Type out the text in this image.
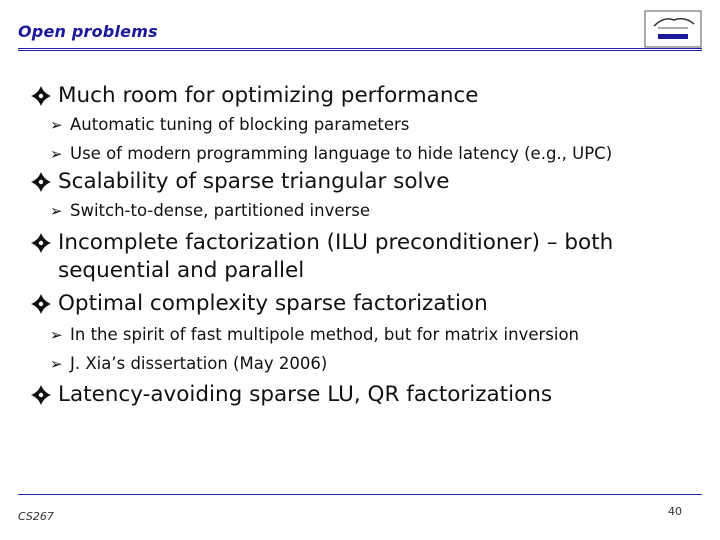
Open problems
Much room for optimizing performance
➢ Automatic tuning of blocking parameters
➢ Use of modern programming language to hide latency (e.g., UPC)
Scalability of sparse triangular solve
➢ Switch-to-dense, partitioned inverse
Incomplete factorization (ILU preconditioner) – both
sequential and parallel
Optimal complexity sparse factorization
➢ In the spirit of fast multipole method, but for matrix inversion
➢ J. Xia’s dissertation (May 2006)
Latency-avoiding sparse LU, QR factorizations
CS267	40
